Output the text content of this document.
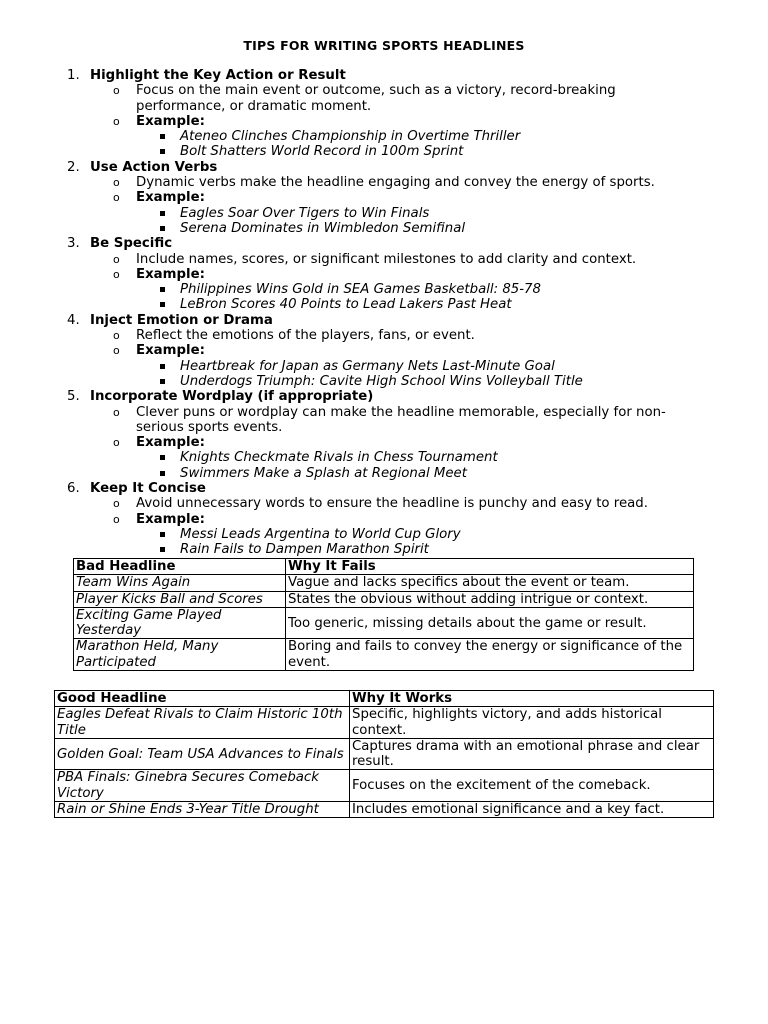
TIPS FOR WRITING SPORTS HEADLINES
1. Highlight the Key Action or Result
o Focus on the main event or outcome, such as a victory, record-breaking performance, or dramatic moment.
o Example:
Ateneo Clinches Championship in Overtime Thriller
Bolt Shatters World Record in 100m Sprint
2. Use Action Verbs
o Dynamic verbs make the headline engaging and convey the energy of sports.
o Example:
Eagles Soar Over Tigers to Win Finals
Serena Dominates in Wimbledon Semifinal
3. Be Specific
o Include names, scores, or significant milestones to add clarity and context.
o Example:
Philippines Wins Gold in SEA Games Basketball: 85-78
LeBron Scores 40 Points to Lead Lakers Past Heat
4. Inject Emotion or Drama
o Reflect the emotions of the players, fans, or event.
o Example:
Heartbreak for Japan as Germany Nets Last-Minute Goal
Underdogs Triumph: Cavite High School Wins Volleyball Title
5. Incorporate Wordplay (if appropriate)
o Clever puns or wordplay can make the headline memorable, especially for non-serious sports events.
o Example:
Knights Checkmate Rivals in Chess Tournament
Swimmers Make a Splash at Regional Meet
6. Keep It Concise
o Avoid unnecessary words to ensure the headline is punchy and easy to read.
o Example:
Messi Leads Argentina to World Cup Glory
Rain Fails to Dampen Marathon Spirit
Bad Headline	Why It Fails
Team Wins Again	Vague and lacks specifics about the event or team.
Player Kicks Ball and Scores	States the obvious without adding intrigue or context.
Exciting Game Played Yesterday	Too generic, missing details about the game or result.
Marathon Held, Many Participated	Boring and fails to convey the energy or significance of the event.
Good Headline	Why It Works
Eagles Defeat Rivals to Claim Historic 10th Title	Specific, highlights victory, and adds historical context.
Golden Goal: Team USA Advances to Finals	Captures drama with an emotional phrase and clear result.
PBA Finals: Ginebra Secures Comeback Victory	Focuses on the excitement of the comeback.
Rain or Shine Ends 3-Year Title Drought	Includes emotional significance and a key fact.
